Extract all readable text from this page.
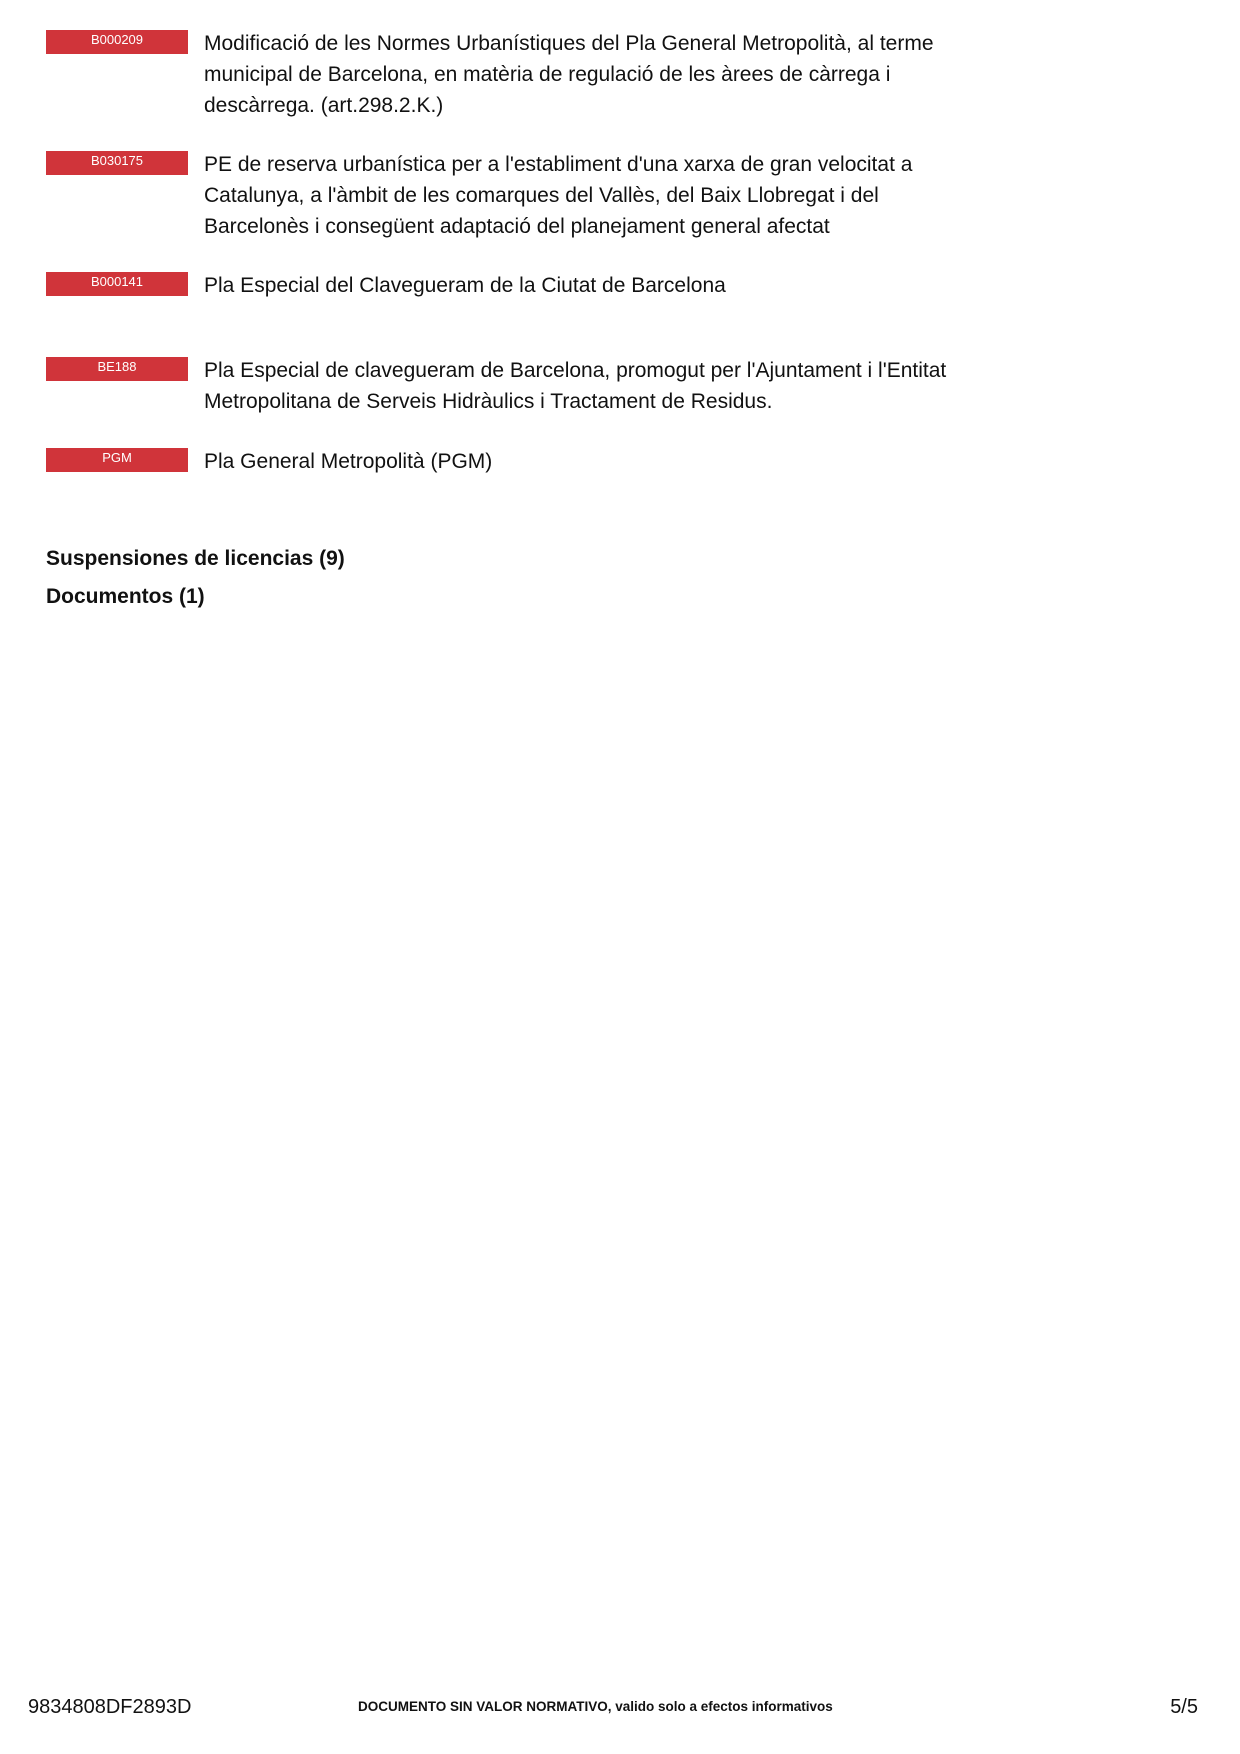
B000209	Modificació de les Normes Urbanístiques del Pla General Metropolità, al terme municipal de Barcelona, en matèria de regulació de les àrees de càrrega i descàrrega. (art.298.2.K.)
B030175	PE de reserva urbanística per a l'establiment d'una xarxa de gran velocitat a Catalunya, a l'àmbit de les comarques del Vallès, del Baix Llobregat i del Barcelonès i consegüent adaptació del planejament general afectat
B000141	Pla Especial del Clavegueram de la Ciutat de Barcelona
BE188	Pla Especial de clavegueram de Barcelona, promogut per l'Ajuntament i l'Entitat Metropolitana de Serveis Hidràulics i Tractament de Residus.
PGM	Pla General Metropolità (PGM)
Suspensiones de licencias (9)
Documentos (1)
9834808DF2893D	DOCUMENTO SIN VALOR NORMATIVO, valido solo a efectos informativos	5/5
